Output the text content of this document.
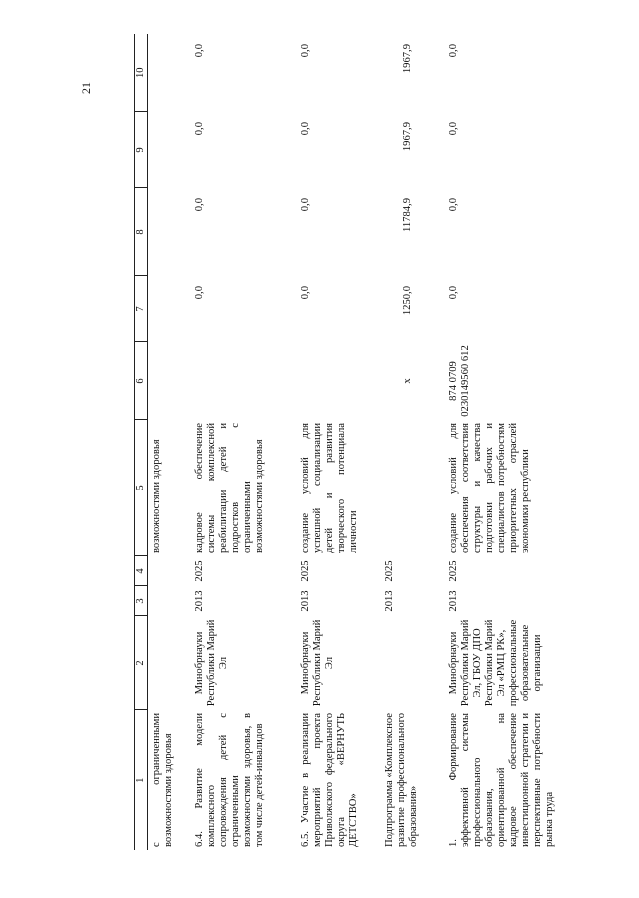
21
1	2	3	4	5	6	7	8	9	10
с ограниченными возможностями здоровья				возможностями здоровья					
6.4. Развитие модели комплексного сопровождения детей с ограниченными возможностями здоровья, в том числе детей-инвалидов	Минобрнауки Республики Марий Эл	2013	2025	кадровое обеспечение системы комплексной реабилитации детей и подростков с ограниченными возможностями здоровья		0,0	0,0	0,0	0,0
6.5. Участие в реализации мероприятий проекта Приволжского федерального округа «ВЕРНУТЬ ДЕТСТВО»	Минобрнауки Республики Марий Эл	2013	2025	создание условий для успешной социализации детей и развития творческого потенциала личности		0,0	0,0	0,0	0,0
Подпрограмма «Комплексное развитие профессионального образования»		2013	2025		x	1250,0	11784,9	1967,9	1967,9
1. Формирование эффективной системы профессионального образования, ориентированной на кадровое обеспечение инвестиционной стратегии и перспективные потребности рынка труда	Минобрнауки Республики Марий Эл, ГБОУ ДПО Республики Марий Эл «РМЦ РК», профессиональные образовательные организации	2013	2025	создание условий для обеспечения соответствия структуры и качества подготовки рабочих и специалистов потребностям приоритетных отраслей экономики республики	874 0709 0230149560 612	0,0	0,0	0,0	0,0
